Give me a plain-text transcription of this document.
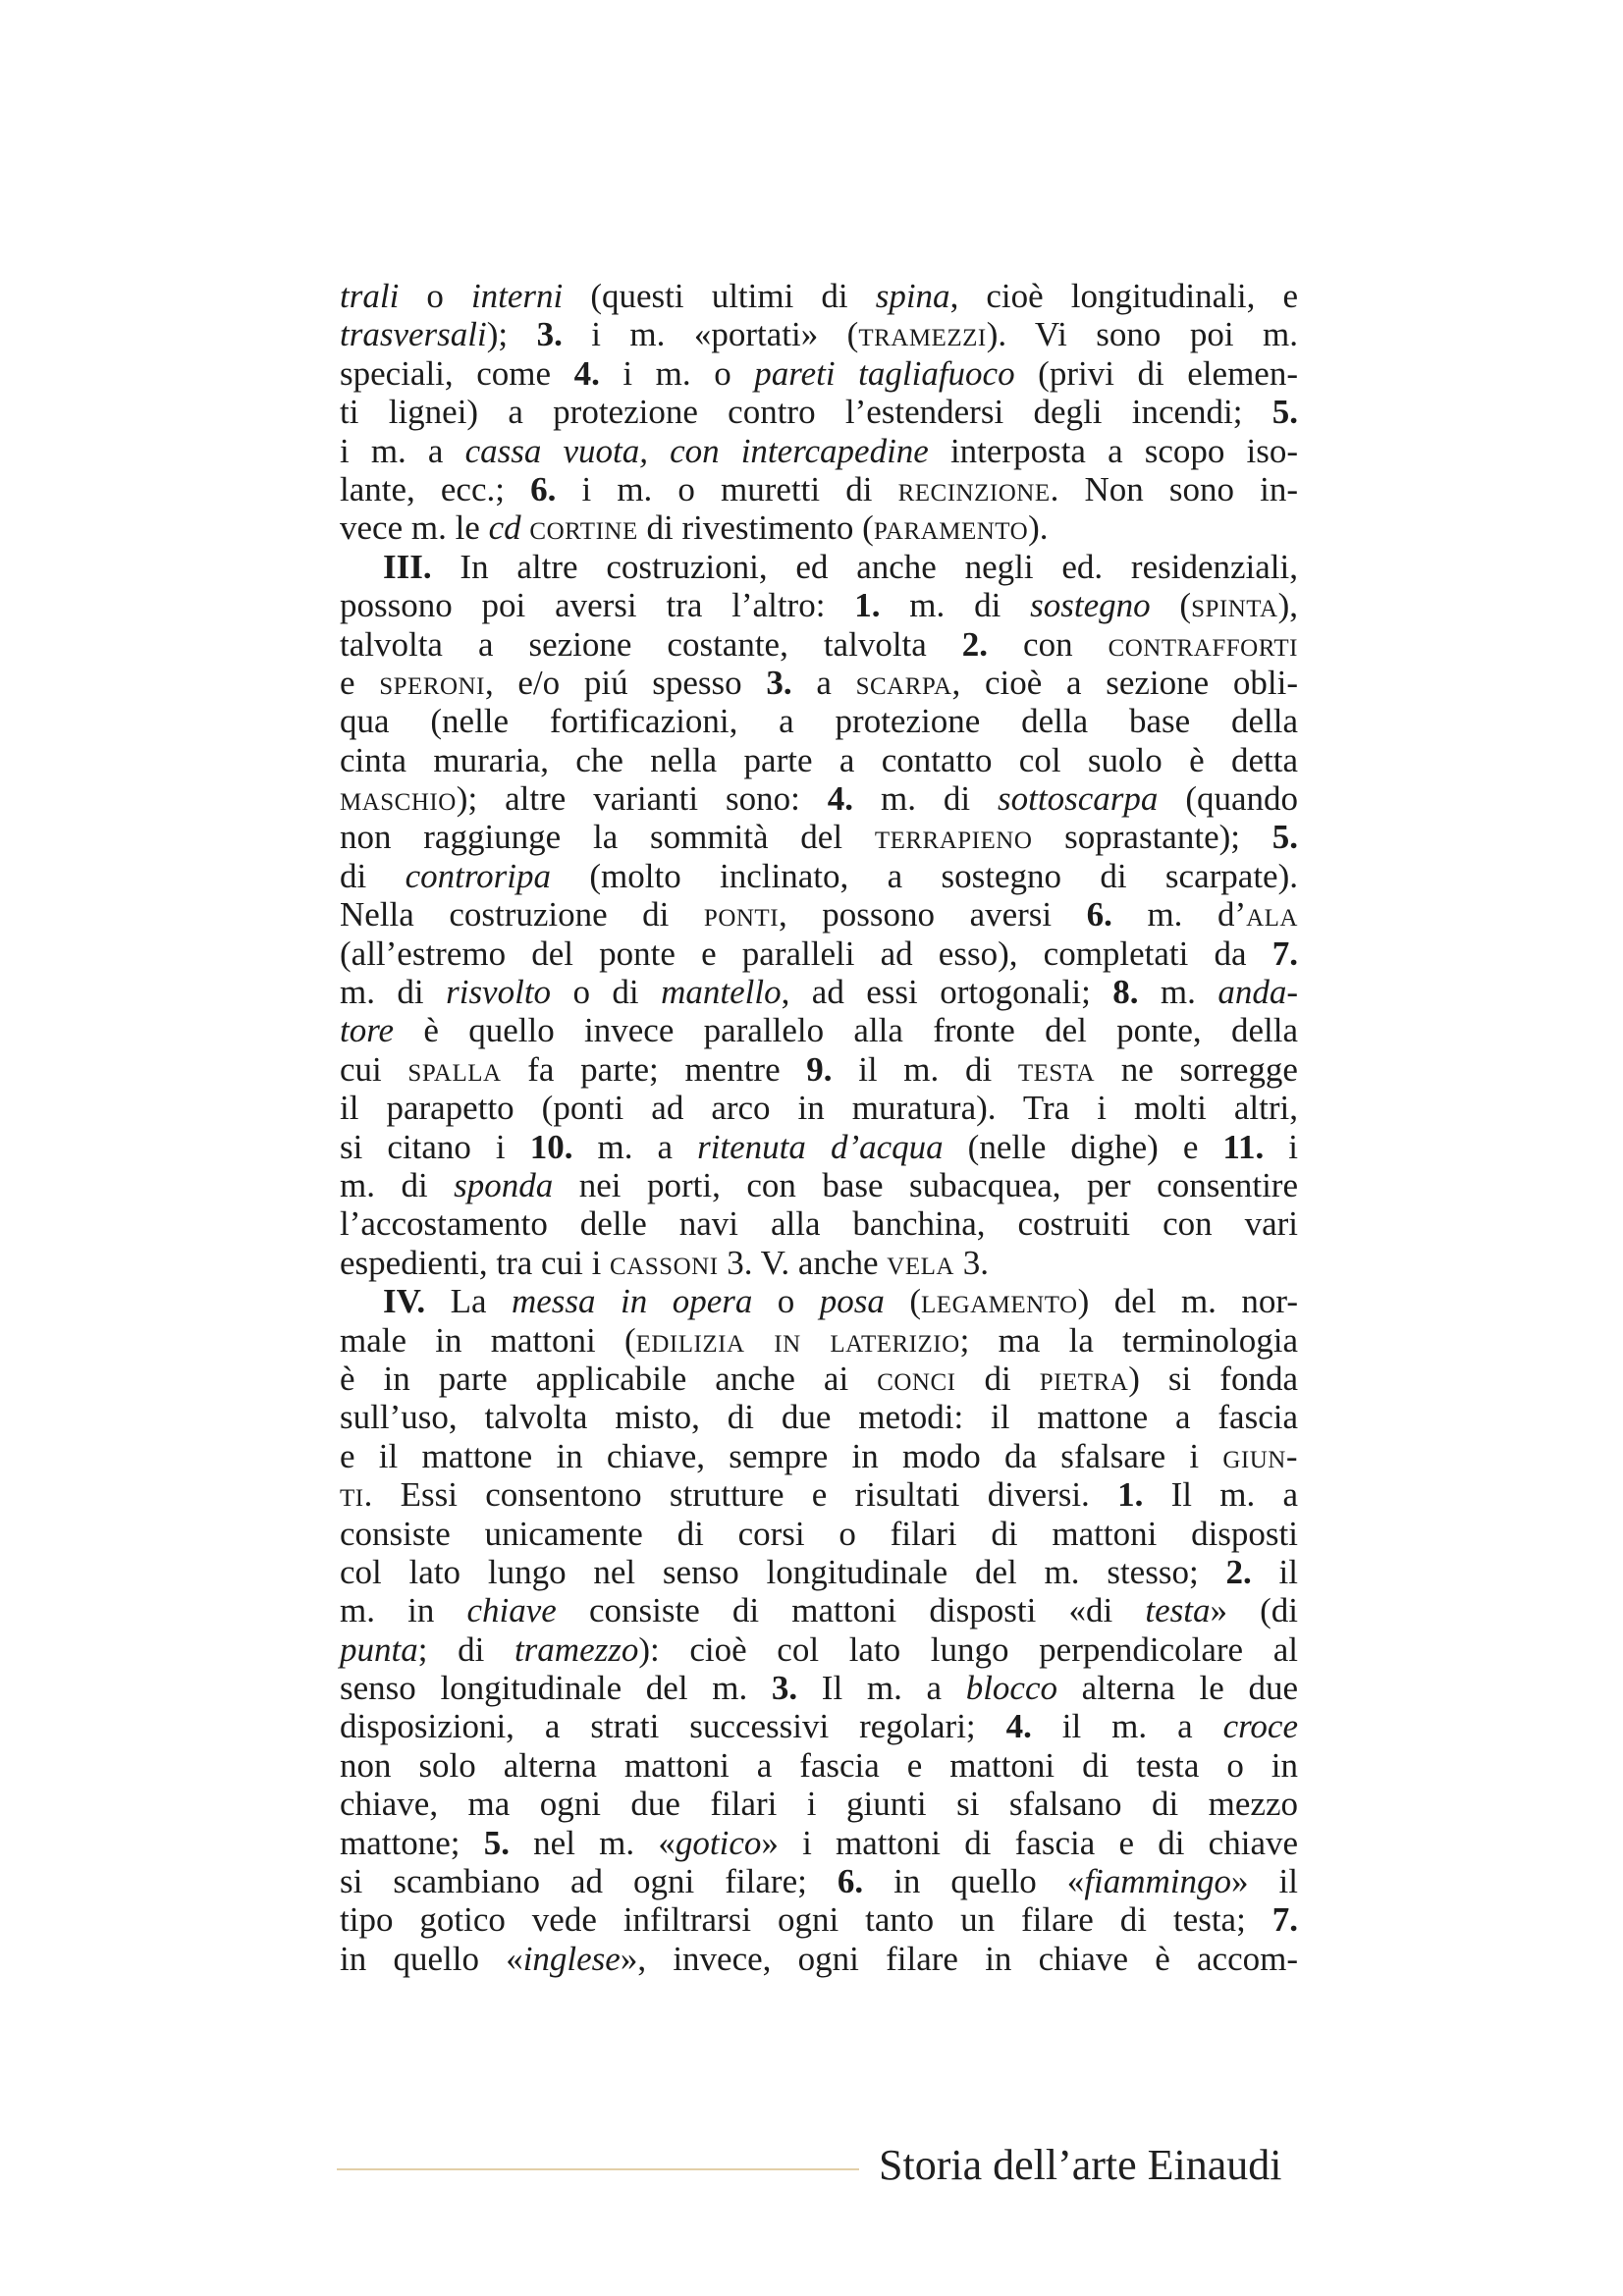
trali o interni (questi ultimi di spina, cioè longitudinali, e
trasversali); 3. i m. «portati» (tramezzi). Vi sono poi m.
speciali, come 4. i m. o pareti tagliafuoco (privi di elemen-
ti lignei) a protezione contro l’estendersi degli incendi; 5.
i m. a cassa vuota, con intercapedine interposta a scopo iso-
lante, ecc.; 6. i m. o muretti di recinzione. Non sono in-
vece m. le cd cortine di rivestimento (paramento).
III. In altre costruzioni, ed anche negli ed. residenziali,
possono poi aversi tra l’altro: 1. m. di sostegno (spinta),
talvolta a sezione costante, talvolta 2. con contrafforti
e speroni, e/o piú spesso 3. a scarpa, cioè a sezione obli-
qua (nelle fortificazioni, a protezione della base della
cinta muraria, che nella parte a contatto col suolo è detta
maschio); altre varianti sono: 4. m. di sottoscarpa (quando
non raggiunge la sommità del terrapieno soprastante); 5.
di controripa (molto inclinato, a sostegno di scarpate).
Nella costruzione di ponti, possono aversi 6. m. d’ala
(all’estremo del ponte e paralleli ad esso), completati da 7.
m. di risvolto o di mantello, ad essi ortogonali; 8. m. anda-
tore è quello invece parallelo alla fronte del ponte, della
cui spalla fa parte; mentre 9. il m. di testa ne sorregge
il parapetto (ponti ad arco in muratura). Tra i molti altri,
si citano i 10. m. a ritenuta d’acqua (nelle dighe) e 11. i
m. di sponda nei porti, con base subacquea, per consentire
l’accostamento delle navi alla banchina, costruiti con vari
espedienti, tra cui i cassoni 3. V. anche vela 3.
IV. La messa in opera o posa (legamento) del m. nor-
male in mattoni (edilizia in laterizio; ma la terminologia
è in parte applicabile anche ai conci di pietra) si fonda
sull’uso, talvolta misto, di due metodi: il mattone a fascia
e il mattone in chiave, sempre in modo da sfalsare i giun-
ti. Essi consentono strutture e risultati diversi. 1. Il m. a
consiste unicamente di corsi o filari di mattoni disposti
col lato lungo nel senso longitudinale del m. stesso; 2. il
m. in chiave consiste di mattoni disposti «di testa» (di
punta; di tramezzo): cioè col lato lungo perpendicolare al
senso longitudinale del m. 3. Il m. a blocco alterna le due
disposizioni, a strati successivi regolari; 4. il m. a croce
non solo alterna mattoni a fascia e mattoni di testa o in
chiave, ma ogni due filari i giunti si sfalsano di mezzo
mattone; 5. nel m. «gotico» i mattoni di fascia e di chiave
si scambiano ad ogni filare; 6. in quello «fiammingo» il
tipo gotico vede infiltrarsi ogni tanto un filare di testa; 7.
in quello «inglese», invece, ogni filare in chiave è accom-
Storia dell’arte Einaudi
